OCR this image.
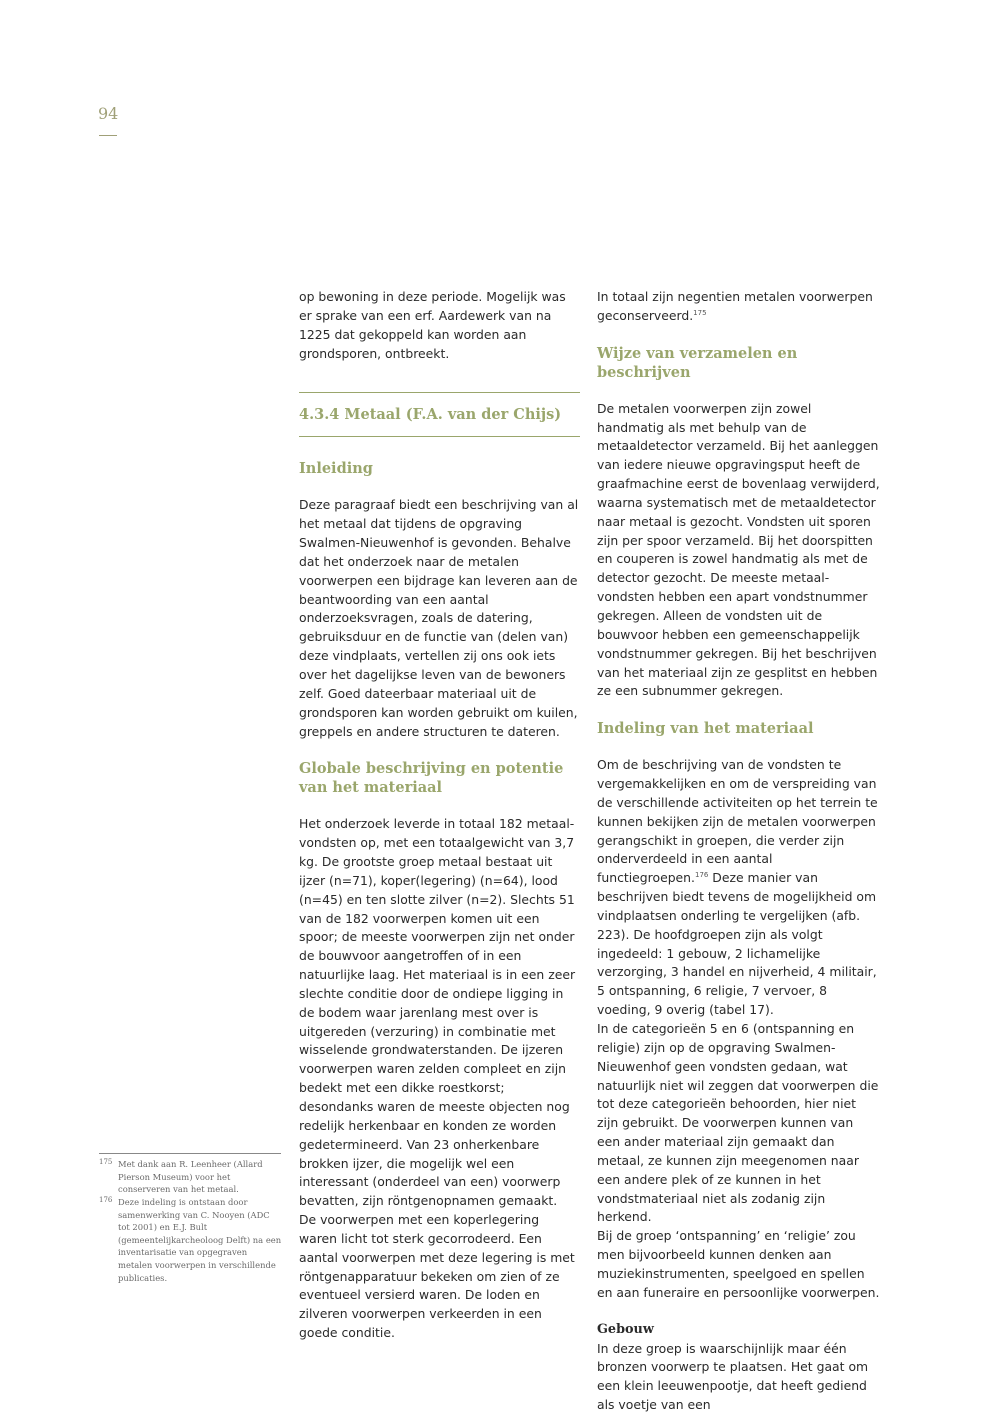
94

op bewoning in deze periode. Mogelijk was er sprake van een erf. Aardewerk van na 1225 dat gekoppeld kan worden aan grondsporen, ontbreekt.

4.3.4 Metaal (F.A. van der Chijs)

Inleiding

Deze paragraaf biedt een beschrijving van al het metaal dat tijdens de opgraving Swalmen-Nieuwenhof is gevonden. Behalve dat het onderzoek naar de metalen voorwerpen een bijdrage kan leveren aan de beantwoording van een aantal onderzoeksvragen, zoals de datering, gebruiksduur en de functie van (delen van) deze vindplaats, vertellen zij ons ook iets over het dagelijkse leven van de bewoners zelf. Goed dateerbaar materiaal uit de grondsporen kan worden gebruikt om kuilen, greppels en andere structuren te dateren.

Globale beschrijving en potentie van het materiaal

Het onderzoek leverde in totaal 182 metaalvondsten op, met een totaalgewicht van 3,7 kg. De grootste groep metaal bestaat uit ijzer (n=71), koper(legering) (n=64), lood (n=45) en ten slotte zilver (n=2). Slechts 51 van de 182 voorwerpen komen uit een spoor; de meeste voorwerpen zijn net onder de bouwvoor aangetroffen of in een natuurlijke laag. Het materiaal is in een zeer slechte conditie door de ondiepe ligging in de bodem waar jarenlang mest over is uitgereden (verzuring) in combinatie met wisselende grondwaterstanden. De ijzeren voorwerpen waren zelden compleet en zijn bedekt met een dikke roestkorst; desondanks waren de meeste objecten nog redelijk herkenbaar en konden ze worden gedetermineerd. Van 23 onherkenbare brokken ijzer, die mogelijk wel een interessant (onderdeel van een) voorwerp bevatten, zijn röntgenopnamen gemaakt.

De voorwerpen met een koperlegering waren licht tot sterk gecorrodeerd. Een aantal voorwerpen met deze legering is met röntgenapparatuur bekeken om zien of ze eventueel versierd waren. De loden en zilveren voorwerpen verkeerden in een goede conditie.

In totaal zijn negentien metalen voorwerpen geconserveerd.$^{175}$

Wijze van verzamelen en beschrijven

De metalen voorwerpen zijn zowel handmatig als met behulp van de metaaldetector verzameld. Bij het aanleggen van iedere nieuwe opgravingsput heeft de graafmachine eerst de bovenlaag verwijderd, waarna systematisch met de metaaldetector naar metaal is gezocht. Vondsten uit sporen zijn per spoor verzameld. Bij het doorspitten en couperen is zowel handmatig als met de detector gezocht. De meeste metaalvondsten hebben een apart vondstnummer gekregen. Alleen de vondsten uit de bouwvoor hebben een gemeenschappelijk vondstnummer gekregen. Bij het beschrijven van het materiaal zijn ze gesplitst en hebben ze een subnummer gekregen.

Indeling van het materiaal

Om de beschrijving van de vondsten te vergemakkelijken en om de verspreiding van de verschillende activiteiten op het terrein te kunnen bekijken zijn de metalen voorwerpen gerangschikt in groepen, die verder zijn onderverdeeld in een aantal functiegroepen.$^{176}$ Deze manier van beschrijven biedt tevens de mogelijkheid om vindplaatsen onderling te vergelijken (afb. 223). De hoofdgroepen zijn als volgt ingedeeld: 1 gebouw, 2 lichamelijke verzorging, 3 handel en nijverheid, 4 militair, 5 ontspanning, 6 religie, 7 vervoer, 8 voeding, 9 overig (tabel 17).

In de categorieën 5 en 6 (ontspanning en religie) zijn op de opgraving Swalmen-Nieuwenhof geen vondsten gedaan, wat natuurlijk niet wil zeggen dat voorwerpen die tot deze categorieën behoorden, hier niet zijn gebruikt. De voorwerpen kunnen van een ander materiaal zijn gemaakt dan metaal, ze kunnen zijn meegenomen naar een andere plek of ze kunnen in het vondstmateriaal niet als zodanig zijn herkend.

Bij de groep ‘ontspanning’ en ‘religie’ zou men bijvoorbeeld kunnen denken aan muziekinstrumenten, speelgoed en spellen en aan funeraire en persoonlijke voorwerpen.

Gebouw

In deze groep is waarschijnlijk maar één bronzen voorwerp te plaatsen. Het gaat om een klein leeuwenpootje, dat heeft gediend als voetje van een

175 Met dank aan R. Leenheer (Allard Pierson Museum) voor het conserveren van het metaal.
176 Deze indeling is ontstaan door samenwerking van C. Nooyen (ADC tot 2001) en E.J. Bult (gemeentelijkarcheoloog Delft) na een inventarisatie van opgegraven metalen voorwerpen in verschillende publicaties.
